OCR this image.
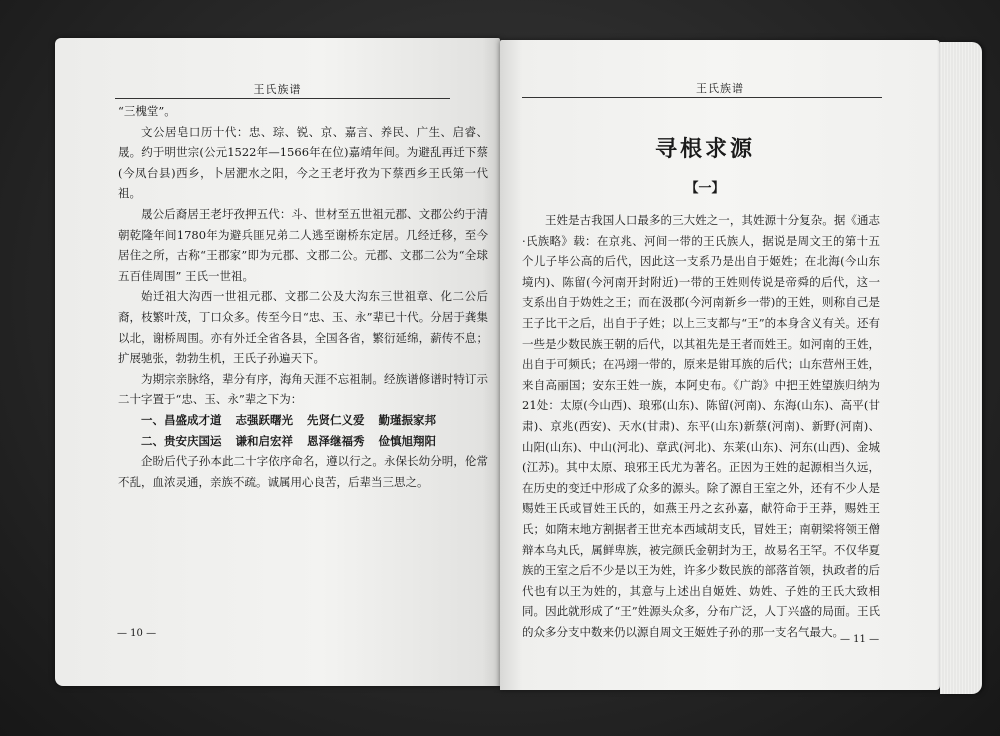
王氏族谱

“三槐堂”。

文公居皂口历十代：忠、琮、锐、京、嘉言、养民、广生、启睿、晟。约于明世宗(公元1522年—1566年在位)嘉靖年间。为避乱再迁下蔡(今凤台县)西乡，卜居淝水之阳，今之王老圩孜为下蔡西乡王氏第一代祖。

晟公后裔居王老圩孜押五代：斗、世材至五世祖元郡、文郡公约于清朝乾隆年间1780年为避兵匪兄弟二人逃至谢桥东定居。几经迁移，至今居住之所，古称“王郡家”即为元郡、文郡二公。元郡、文郡二公为“全球五百佳周围” 王氏一世祖。

始迁祖大沟西一世祖元郡、文郡二公及大沟东三世祖章、化二公后裔，枝繁叶茂，丁口众多。传至今日“忠、玉、永”辈已十代。分居于龚集以北，谢桥周围。亦有外迁全省各县，全国各省，繁衍延绵，薪传不息；扩展驰张，勃勃生机，王氏子孙遍天下。

为期宗亲脉络，辈分有序，海角天涯不忘祖制。经族谱修谱时特订示二十字置于“忠、玉、永”辈之下为：

一、昌盛成才道 志强跃曙光 先贤仁义爱 勤瑾振家邦

二、贵安庆国运 谦和启宏祥 恩泽继福秀 俭慎旭翔阳

企盼后代子孙本此二十字依序命名，遵以行之。永保长幼分明，伦常不乱，血浓灵通，亲族不疏。诚属用心良苦，后辈当三思之。

— 10 —
王氏族谱
寻根求源
【一】

王姓是古我国人口最多的三大姓之一，其姓源十分复杂。据《通志·氏族略》载：在京兆、河间一带的王氏族人，据说是周文王的第十五个儿子毕公高的后代，因此这一支系乃是出自于姬姓；在北海(今山东境内)、陈留(今河南开封附近)一带的王姓则传说是帝舜的后代，这一支系出自于妫姓之王；而在汲郡(今河南新乡一带)的王姓，则称自己是王子比干之后，出自于子姓；以上三支都与“王”的本身含义有关。还有一些是少数民族王朝的后代，以其祖先是王者而姓王。如河南的王姓，出自于可频氏；在冯翊一带的，原来是钳耳族的后代；山东营州王姓，来自高丽国；安东王姓一族，本阿史布。《广韵》中把王姓望族归纳为21处：太原(今山西)、琅邪(山东)、陈留(河南)、东海(山东)、高平(甘肃)、京兆(西安)、天水(甘肃)、东平(山东)新蔡(河南)、新野(河南)、山阳(山东)、中山(河北)、章武(河北)、东莱(山东)、河东(山西)、金城(江苏)。其中太原、琅邪王氏尤为著名。正因为王姓的起源相当久远，在历史的变迁中形成了众多的源头。除了源自王室之外，还有不少人是赐姓王氏或冒姓王氏的，如燕王丹之玄孙嘉，献符命于王莽，赐姓王氏；如隋末地方割据者王世充本西域胡支氏，冒姓王；南朝梁将领王僧辩本乌丸氏，属鲜卑族，被完颜氏金朝封为王，故易名王罕。不仅华夏族的王室之后不少是以王为姓，许多少数民族的部落首领，执政者的后代也有以王为姓的，其意与上述出自姬姓、妫姓、子姓的王氏大致相同。因此就形成了“王”姓源头众多，分布广泛，人丁兴盛的局面。王氏的众多分支中数来仍以源自周文王姬姓子孙的那一支名气最大。

— 11 —
